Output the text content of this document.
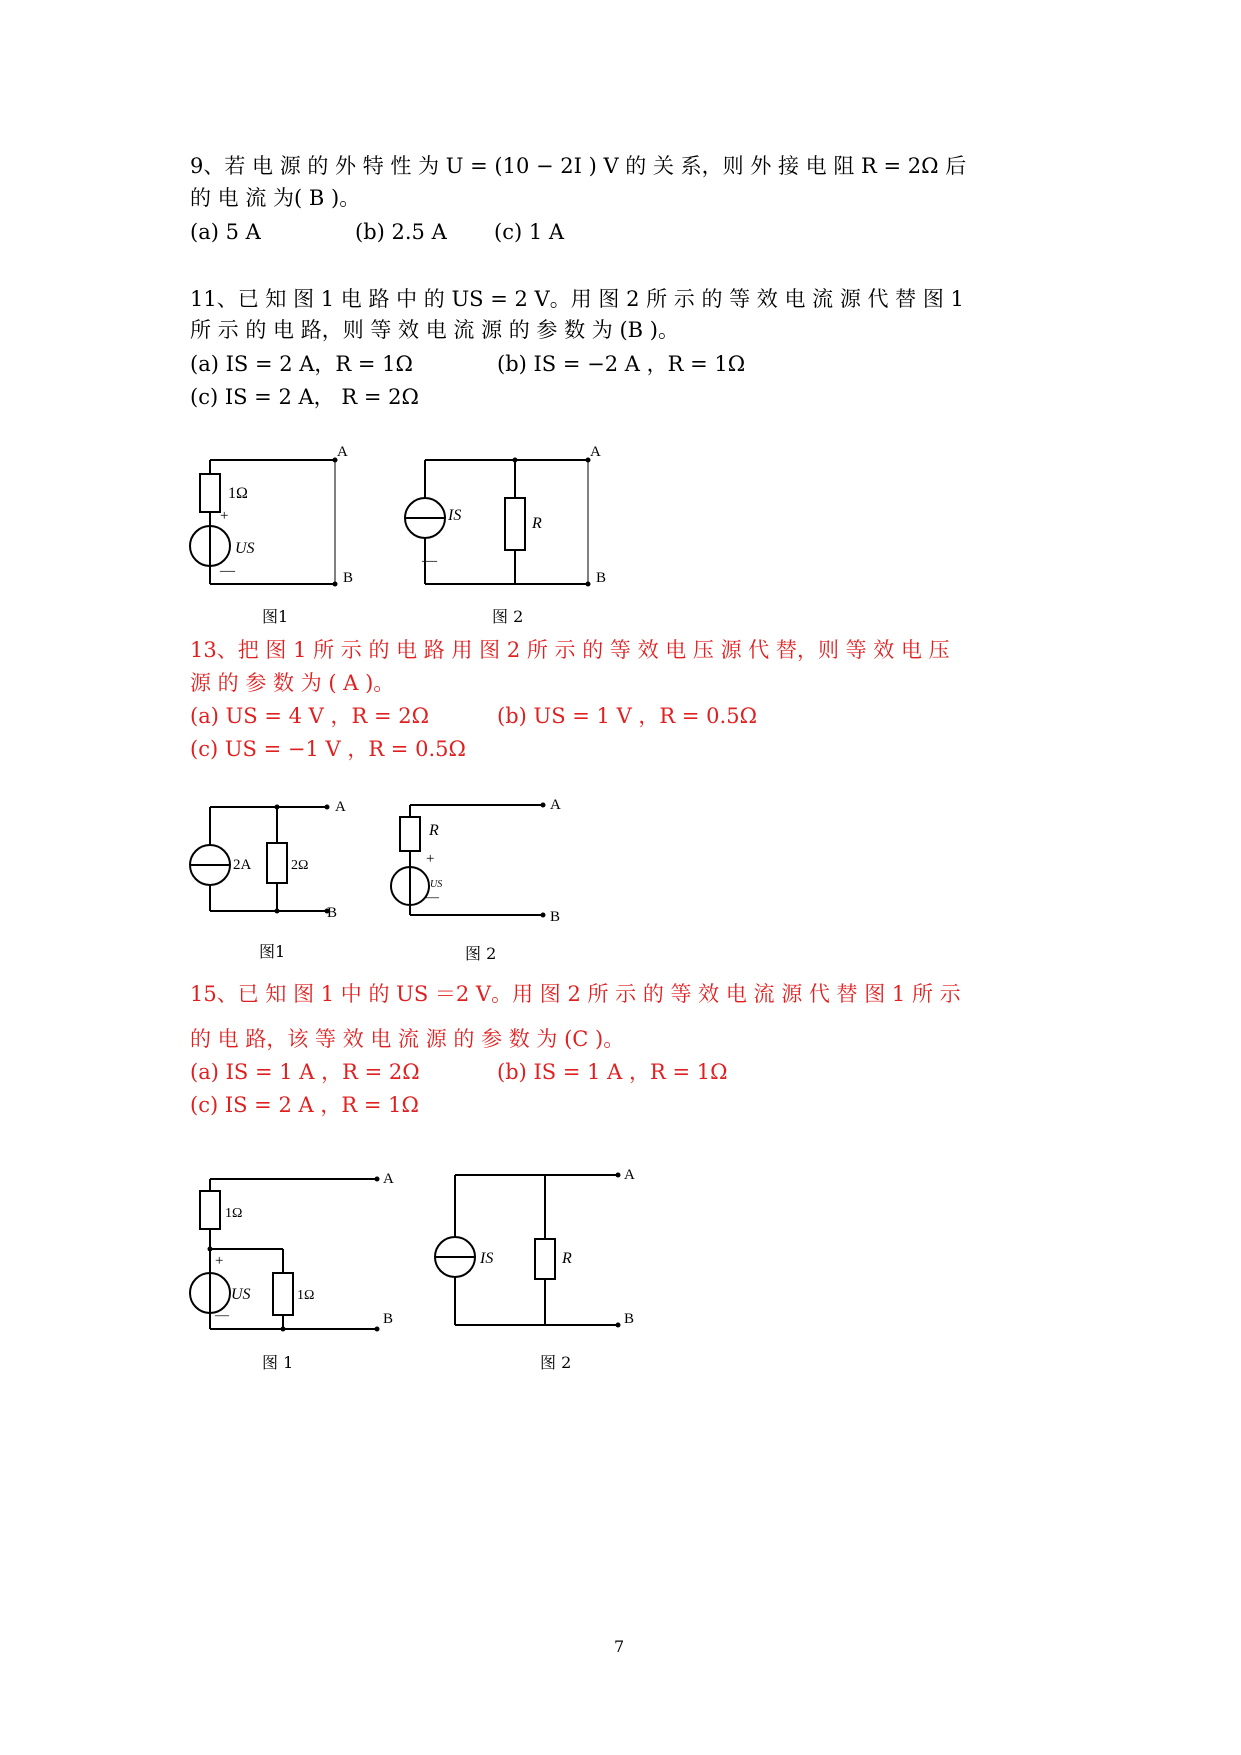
9、若 电 源 的 外 特 性 为 U = (10 − 2I ) V 的 关 系，则 外 接 电 阻 R = 2Ω 后
的 电 流 为( B )。
(a) 5 A	(b) 2.5 A (c) 1 A
11、已 知 图 1 电 路 中 的 US = 2 V。用 图 2 所 示 的 等 效 电 流 源 代 替 图 1
所 示 的 电 路，则 等 效 电 流 源 的 参 数 为 (B )。
(a) IS = 2 A，R = 1Ω	(b) IS = −2 A ，R = 1Ω
(c) IS = 2 A， R = 2Ω
1Ω
+
US
—
A
B
图1
IS	R
—
A
B
图 2
13、把 图 1 所 示 的 电 路 用 图 2 所 示 的 等 效 电 压 源 代 替，则 等 效 电 压
源 的 参 数 为 ( A )。
(a) US = 4 V ，R = 2Ω	(b) US = 1 V ，R = 0.5Ω
(c) US = −1 V ，R = 0.5Ω
2A	2Ω
A
B
图1
R
+
US
—
A
B
图 2
15、已 知 图 1 中 的 US ＝2 V。用 图 2 所 示 的 等 效 电 流 源 代 替 图 1 所 示
的 电 路，该 等 效 电 流 源 的 参 数 为 (C )。
(a) IS = 1 A ，R = 2Ω	(b) IS = 1 A ，R = 1Ω
(c) IS = 2 A ，R = 1Ω
1Ω
+
US
—
1Ω
A
B
图 1
IS	R
A
B
图 2
7
